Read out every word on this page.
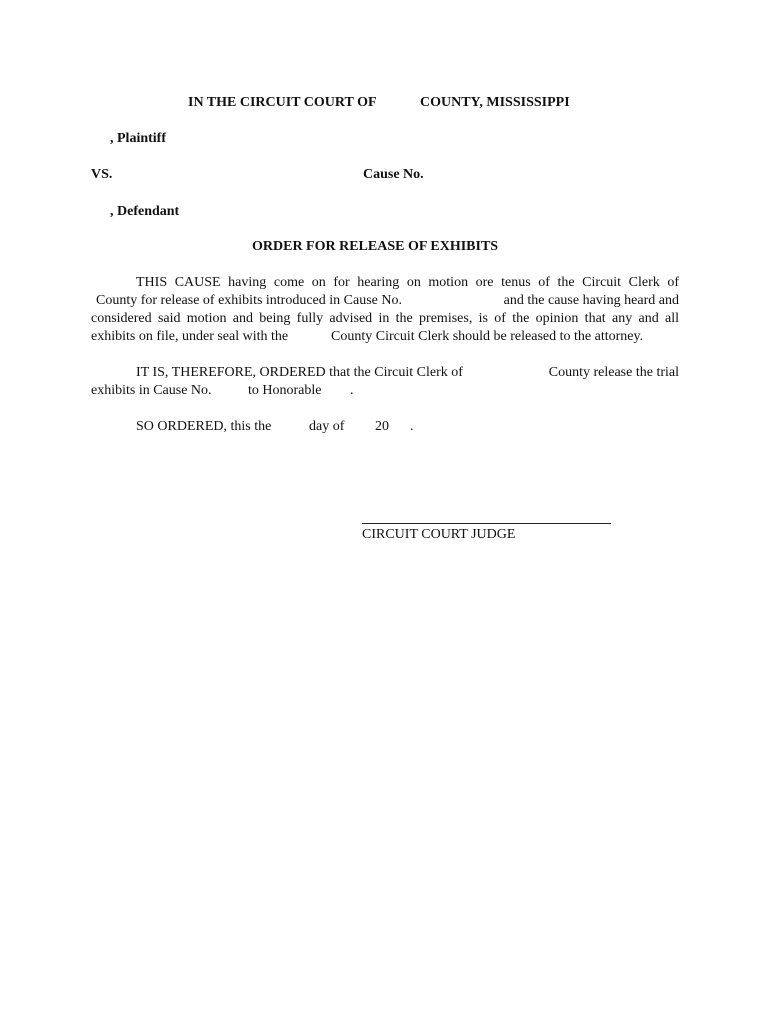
IN THE CIRCUIT COURT OF	COUNTY, MISSISSIPPI
, Plaintiff
VS.	Cause No.
, Defendant
ORDER FOR RELEASE OF EXHIBITS
THIS CAUSE having come on for hearing on motion ore tenus of the Circuit Clerk of
County for release of exhibits introduced in Cause No.	and the cause having heard and
considered said motion and being fully advised in the premises, is of the opinion that any and all
exhibits on file, under seal with the	County Circuit Clerk should be released to the attorney.
IT IS, THEREFORE, ORDERED that the Circuit Clerk of	County release the trial
exhibits in Cause No.	to Honorable .
SO ORDERED, this the	day of 20 .
CIRCUIT COURT JUDGE
